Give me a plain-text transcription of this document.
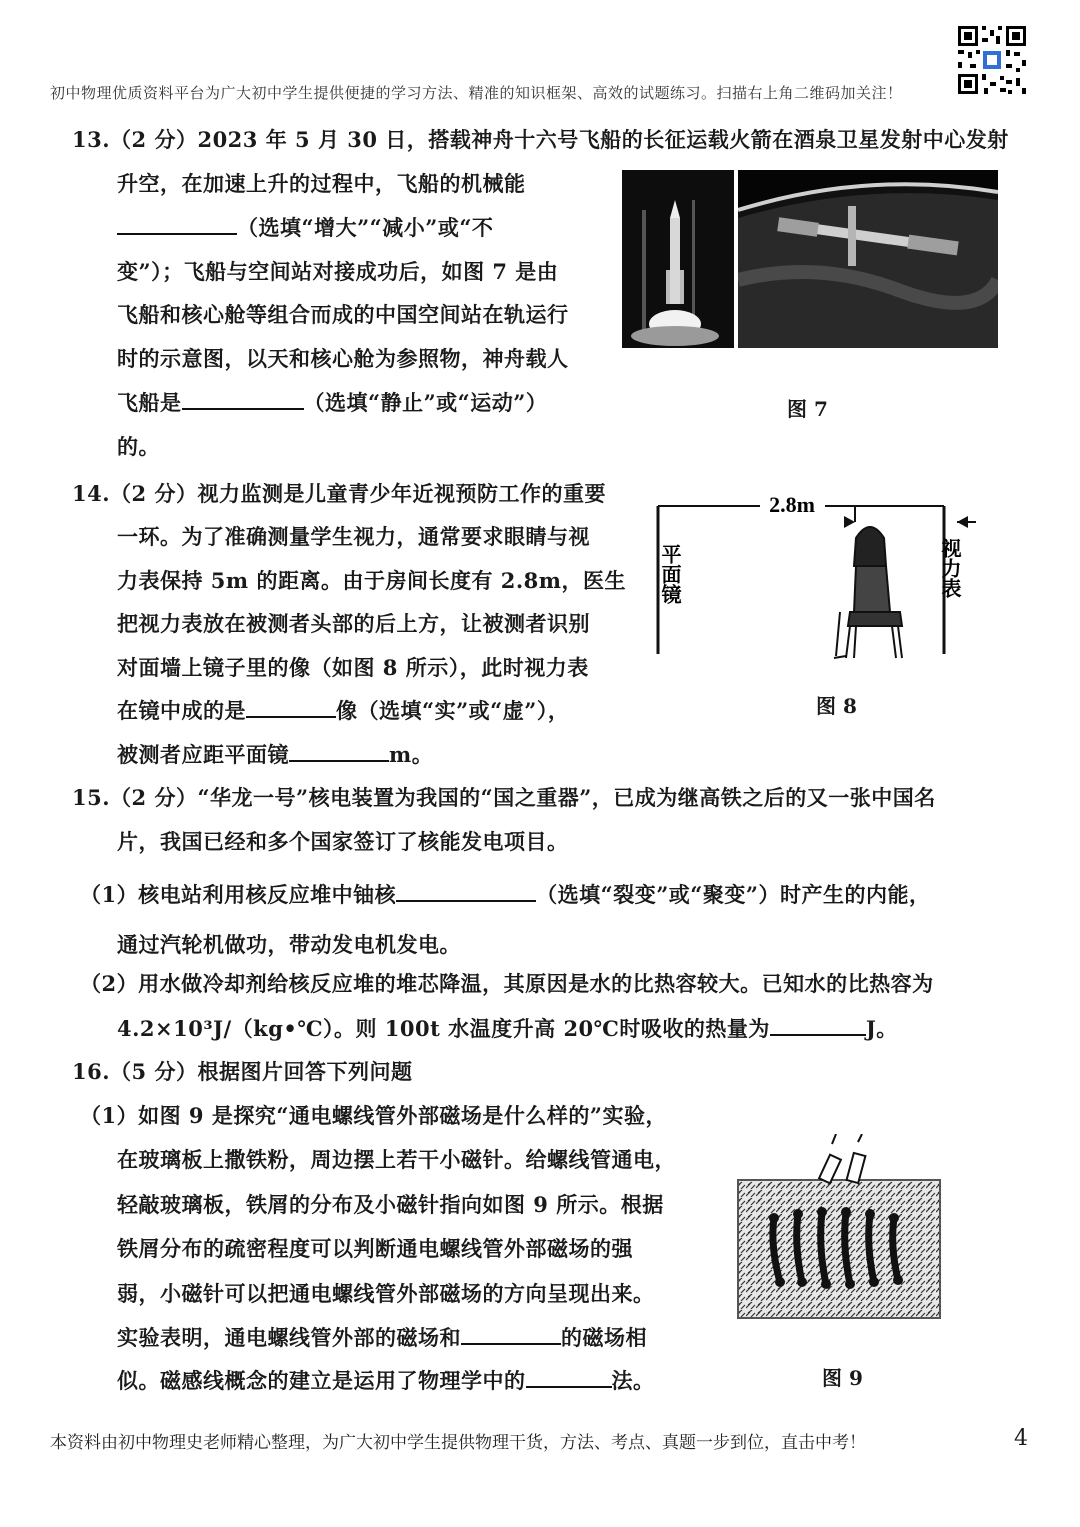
初中物理优质资料平台为广大初中学生提供便捷的学习方法、精准的知识框架、高效的试题练习。扫描右上角二维码加关注！
13.（2 分）2023 年 5 月 30 日，搭载神舟十六号飞船的长征运载火箭在酒泉卫星发射中心发射
升空，在加速上升的过程中，飞船的机械能
（选填“增大”“减小”或“不
变”）；飞船与空间站对接成功后，如图 7 是由
飞船和核心舱等组合而成的中国空间站在轨运行
时的示意图，以天和核心舱为参照物，神舟载人
飞船是	（选填“静止”或“运动”）
的。
图 7
14.（2 分）视力监测是儿童青少年近视预防工作的重要
一环。为了准确测量学生视力，通常要求眼睛与视
力表保持 5m 的距离。由于房间长度有 2.8m，医生
把视力表放在被测者头部的后上方，让被测者识别
对面墙上镜子里的像（如图 8 所示），此时视力表
在镜中成的是	像（选填“实”或“虚”），
被测者应距平面镜	m。
2.8m
平面镜	视力表
图 8
15.（2 分）“华龙一号”核电装置为我国的“国之重器”，已成为继高铁之后的又一张中国名
片，我国已经和多个国家签订了核能发电项目。
（1）核电站利用核反应堆中铀核	（选填“裂变”或“聚变”）时产生的内能，
通过汽轮机做功，带动发电机发电。
（2）用水做冷却剂给核反应堆的堆芯降温，其原因是水的比热容较大。已知水的比热容为
4.2×10³J/（kg•℃）。则 100t 水温度升高 20℃时吸收的热量为	J。
16.（5 分）根据图片回答下列问题
（1）如图 9 是探究“通电螺线管外部磁场是什么样的”实验，
在玻璃板上撒铁粉，周边摆上若干小磁针。给螺线管通电，
轻敲玻璃板，铁屑的分布及小磁针指向如图 9 所示。根据
铁屑分布的疏密程度可以判断通电螺线管外部磁场的强
弱，小磁针可以把通电螺线管外部磁场的方向呈现出来。
实验表明，通电螺线管外部的磁场和	的磁场相
似。磁感线概念的建立是运用了物理学中的	法。	图 9
本资料由初中物理史老师精心整理，为广大初中学生提供物理干货，方法、考点、真题一步到位，直击中考！	4
